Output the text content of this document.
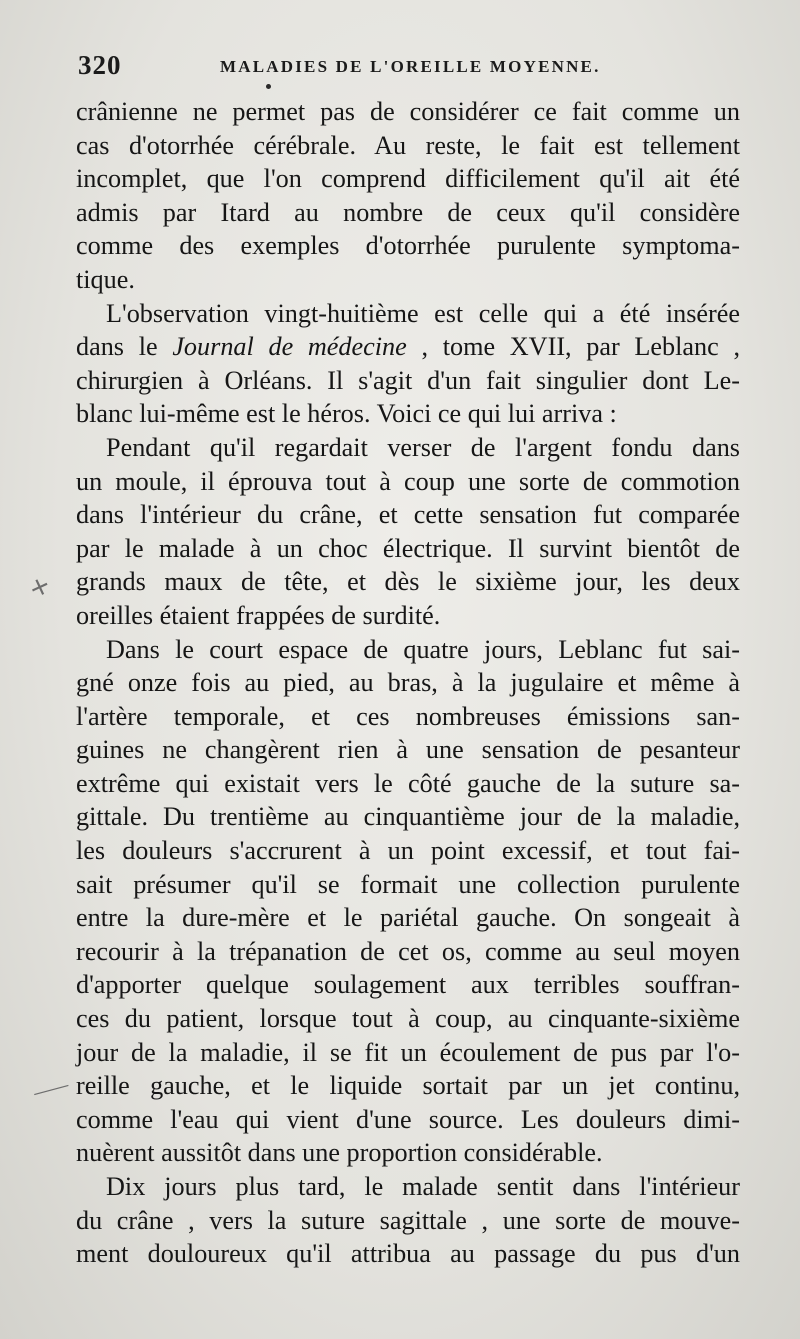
320	MALADIES DE L'OREILLE MOYENNE.
crânienne ne permet pas de considérer ce fait comme un
cas d'otorrhée cérébrale. Au reste, le fait est tellement
incomplet, que l'on comprend difficilement qu'il ait été
admis par Itard au nombre de ceux qu'il considère
comme des exemples d'otorrhée purulente symptoma-
tique.
L'observation vingt-huitième est celle qui a été insérée
dans le Journal de médecine , tome XVII, par Leblanc ,
chirurgien à Orléans. Il s'agit d'un fait singulier dont Le-
blanc lui-même est le héros. Voici ce qui lui arriva :
Pendant qu'il regardait verser de l'argent fondu dans
un moule, il éprouva tout à coup une sorte de commotion
dans l'intérieur du crâne, et cette sensation fut comparée
par le malade à un choc électrique. Il survint bientôt de
grands maux de tête, et dès le sixième jour, les deux
oreilles étaient frappées de surdité.
Dans le court espace de quatre jours, Leblanc fut sai-
gné onze fois au pied, au bras, à la jugulaire et même à
l'artère temporale, et ces nombreuses émissions san-
guines ne changèrent rien à une sensation de pesanteur
extrême qui existait vers le côté gauche de la suture sa-
gittale. Du trentième au cinquantième jour de la maladie,
les douleurs s'accrurent à un point excessif, et tout fai-
sait présumer qu'il se formait une collection purulente
entre la dure-mère et le pariétal gauche. On songeait à
recourir à la trépanation de cet os, comme au seul moyen
d'apporter quelque soulagement aux terribles souffran-
ces du patient, lorsque tout à coup, au cinquante-sixième
jour de la maladie, il se fit un écoulement de pus par l'o-
reille gauche, et le liquide sortait par un jet continu,
comme l'eau qui vient d'une source. Les douleurs dimi-
nuèrent aussitôt dans une proportion considérable.
Dix jours plus tard, le malade sentit dans l'intérieur
du crâne , vers la suture sagittale , une sorte de mouve-
ment douloureux qu'il attribua au passage du pus d'un
✕
⸺
